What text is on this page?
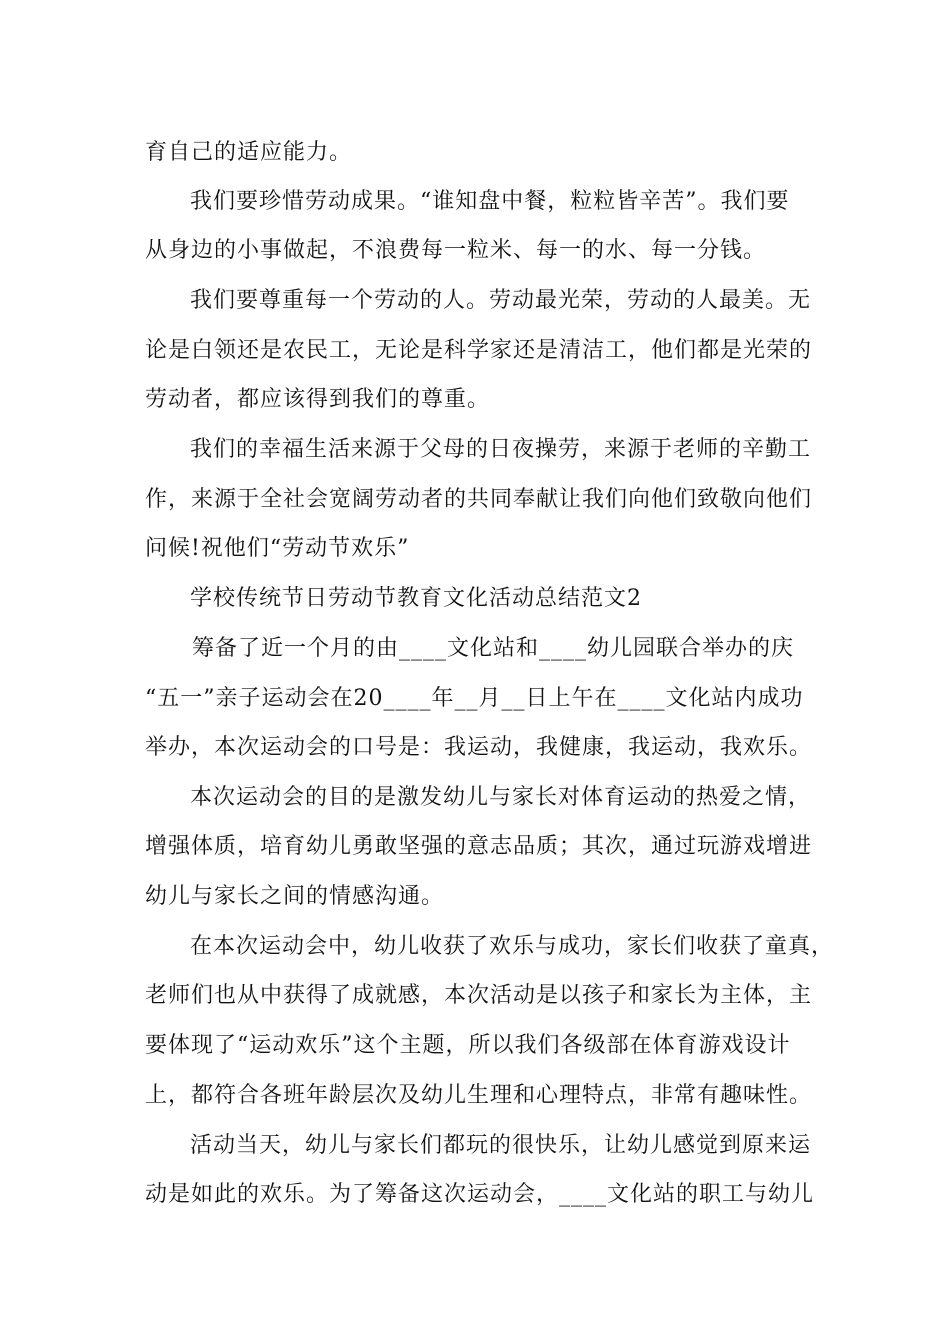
育自己的适应能力。

我们要珍惜劳动成果。“谁知盘中餐，粒粒皆辛苦”。我们要

从身边的小事做起，不浪费每一粒米、每一的水、每一分钱。

我们要尊重每一个劳动的人。劳动最光荣，劳动的人最美。无

论是白领还是农民工，无论是科学家还是清洁工，他们都是光荣的

劳动者，都应该得到我们的尊重。

我们的幸福生活来源于父母的日夜操劳，来源于老师的辛勤工

作，来源于全社会宽阔劳动者的共同奉献让我们向他们致敬向他们

问候!祝他们“劳动节欢乐”

学校传统节日劳动节教育文化活动总结范文2

筹备了近一个月的由____文化站和____幼儿园联合举办的庆

“五一”亲子运动会在20____年__月__日上午在____文化站内成功

举办，本次运动会的口号是：我运动，我健康，我运动，我欢乐。

本次运动会的目的是激发幼儿与家长对体育运动的热爱之情，

增强体质，培育幼儿勇敢坚强的意志品质；其次，通过玩游戏增进

幼儿与家长之间的情感沟通。

在本次运动会中，幼儿收获了欢乐与成功，家长们收获了童真，

老师们也从中获得了成就感，本次活动是以孩子和家长为主体，主

要体现了“运动欢乐”这个主题，所以我们各级部在体育游戏设计

上，都符合各班年龄层次及幼儿生理和心理特点，非常有趣味性。

活动当天，幼儿与家长们都玩的很快乐，让幼儿感觉到原来运

动是如此的欢乐。为了筹备这次运动会，____文化站的职工与幼儿
